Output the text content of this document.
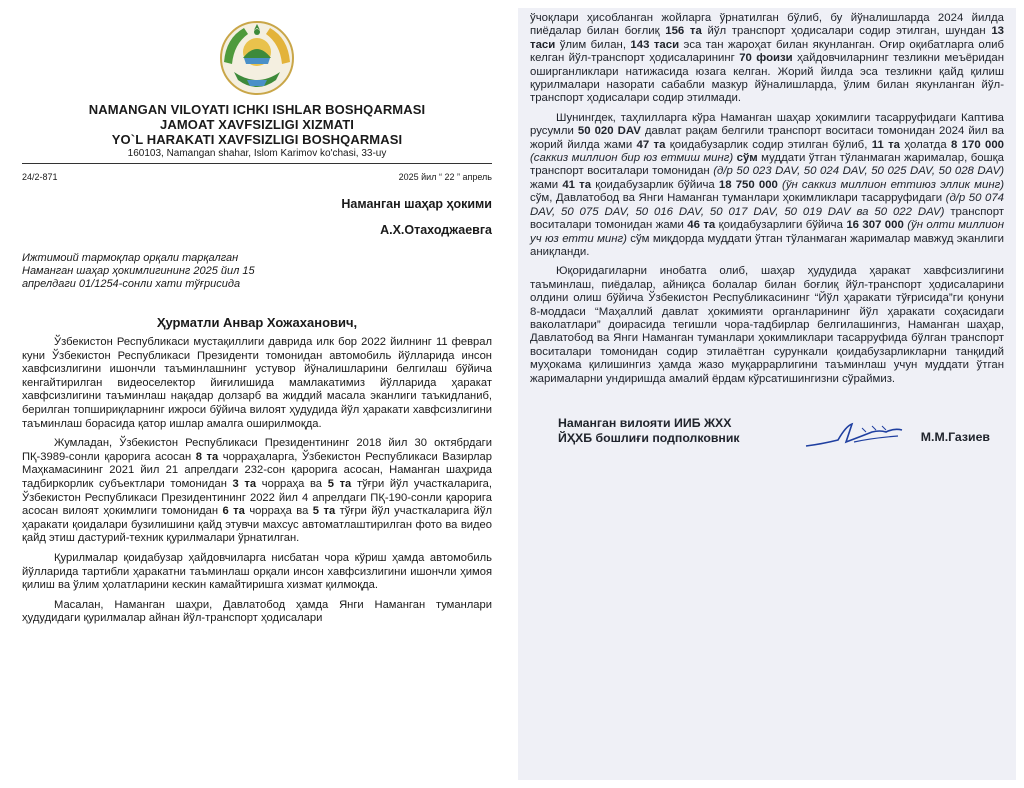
NAMANGAN VILOYATI ICHKI ISHLAR BOSHQARMASI
JAMOAT XAVFSIZLIGI XIZMATI
YO`L HARAKATI XAVFSIZLIGI BOSHQARMASI
160103, Namangan shahar, Islom Karimov ko'chasi, 33-uy
24/2-871	2025 йил “ 22 ” апрель
Наманган шаҳар ҳокими
А.Х.Отаходжаевга
Ижтимоий тармоқлар орқали тарқалган Наманган шаҳар ҳокимлигининг 2025 йил 15 апрелдаги 01/1254-сонли хати тўғрисида
Ҳурматли Анвар Хожаханович,
Ўзбекистон Республикаси мустақиллиги даврида илк бор 2022 йилнинг 11 феврал куни Ўзбекистон Республикаси Президенти томонидан автомобиль йўлларида инсон хавфсизлигини ишончли таъминлашнинг устувор йўналишларини белгилаш бўйича кенгайтирилган видеоселектор йиғилишида мамлакатимиз йўлларида ҳаракат хавфсизлигини таъминлаш нақадар долзарб ва жиддий масала эканлиги таъкидланиб, берилган топшириқларнинг ижроси бўйича вилоят ҳудудида йўл ҳаракати хавфсизлигини таъминлаш борасида қатор ишлар амалга оширилмоқда.
Жумладан, Ўзбекистон Республикаси Президентининг 2018 йил 30 октябрдаги ПҚ-3989-сонли қарорига асосан 8 та чорраҳаларга, Ўзбекистон Республикаси Вазирлар Маҳкамасининг 2021 йил 21 апрелдаги 232-сон қарорига асосан, Наманган шаҳрида тадбиркорлик субъектлари томонидан 3 та чорраҳа ва 5 та тўғри йўл участкаларига, Ўзбекистон Республикаси Президентининг 2022 йил 4 апрелдаги ПҚ-190-сонли қарорига асосан вилоят ҳокимлиги томонидан 6 та чорраҳа ва 5 та тўғри йўл участкаларига йўл ҳаракати қоидалари бузилишини қайд этувчи махсус автоматлаштирилган фото ва видео қайд этиш дастурий-техник қурилмалари ўрнатилган.
Қурилмалар қоидабузар ҳайдовчиларга нисбатан чора кўриш ҳамда автомобиль йўлларида тартибли ҳаракатни таъминлаш орқали инсон хавфсизлигини ишончли ҳимоя қилиш ва ўлим ҳолатларини кескин камайтиришга хизмат қилмоқда.
Масалан, Наманган шаҳри, Давлатобод ҳамда Янги Наманган туманлари ҳудудидаги қурилмалар айнан йўл-транспорт ҳодисалари
ўчоқлари ҳисобланган жойларга ўрнатилган бўлиб, бу йўналишларда 2024 йилда пиёдалар билан боғлиқ 156 та йўл транспорт ҳодисалари содир этилган, шундан 13 таси ўлим билан, 143 таси эса тан жароҳат билан якунланган. Оғир оқибатларга олиб келган йўл-транспорт ҳодисаларининг 70 фоизи ҳайдовчиларнинг тезликни меъёридан оширганликлари натижасида юзага келган. Жорий йилда эса тезликни қайд қилиш қурилмалари назорати сабабли мазкур йўналишларда, ўлим билан якунланган йўл-транспорт ҳодисалари содир этилмади.
Шунингдек, таҳлилларга кўра Наманган шаҳар ҳокимлиги тасарруфидаги Каптива русумли 50 020 DAV давлат рақам белгили транспорт воситаси томонидан 2024 йил ва жорий йилда жами 47 та қоидабузарлик содир этилган бўлиб, 11 та ҳолатда 8 170 000 (саккиз миллион бир юз етмиш минг) сўм муддати ўтган тўланмаган жарималар, бошқа транспорт воситалари томонидан (д/р 50 023 DAV, 50 024 DAV, 50 025 DAV, 50 028 DAV) жами 41 та қоидабузарлик бўйича 18 750 000 (ўн саккиз миллион еттиюз эллик минг) сўм, Давлатобод ва Янги Наманган туманлари ҳокимликлари тасарруфидаги (д/р 50 074 DAV, 50 075 DAV, 50 016 DAV, 50 017 DAV, 50 019 DAV ва 50 022 DAV) транспорт воситалари томонидан жами 46 та қоидабузарлиги бўйича 16 307 000 (ўн олти миллион уч юз етти минг) сўм миқдорда муддати ўтган тўланмаган жарималар мавжуд эканлиги аниқланди.
Юқоридагиларни инобатга олиб, шаҳар ҳудудида ҳаракат хавфсизлигини таъминлаш, пиёдалар, айниқса болалар билан боғлиқ йўл-транспорт ҳодисаларини олдини олиш бўйича Ўзбекистон Республикасининг “Йўл ҳаракати тўғрисида”ги қонуни 8-моддаси “Маҳаллий давлат ҳокимияти органларининг йўл ҳаракати соҳасидаги ваколатлари” доирасида тегишли чора-тадбирлар белгилашингиз, Наманган шаҳар, Давлатобод ва Янги Наманган туманлари ҳокимликлари тасарруфида бўлган транспорт воситалари томонидан содир этилаётган сурункали қоидабузарликларни танқидий муҳокама қилишингиз ҳамда жазо муқаррарлигини таъминлаш учун муддати ўтган жарималарни ундиришда амалий ёрдам кўрсатишингизни сўраймиз.
Наманган вилояти ИИБ ЖХХ
ЙҲХБ бошлиғи подполковник	М.М.Газиев
